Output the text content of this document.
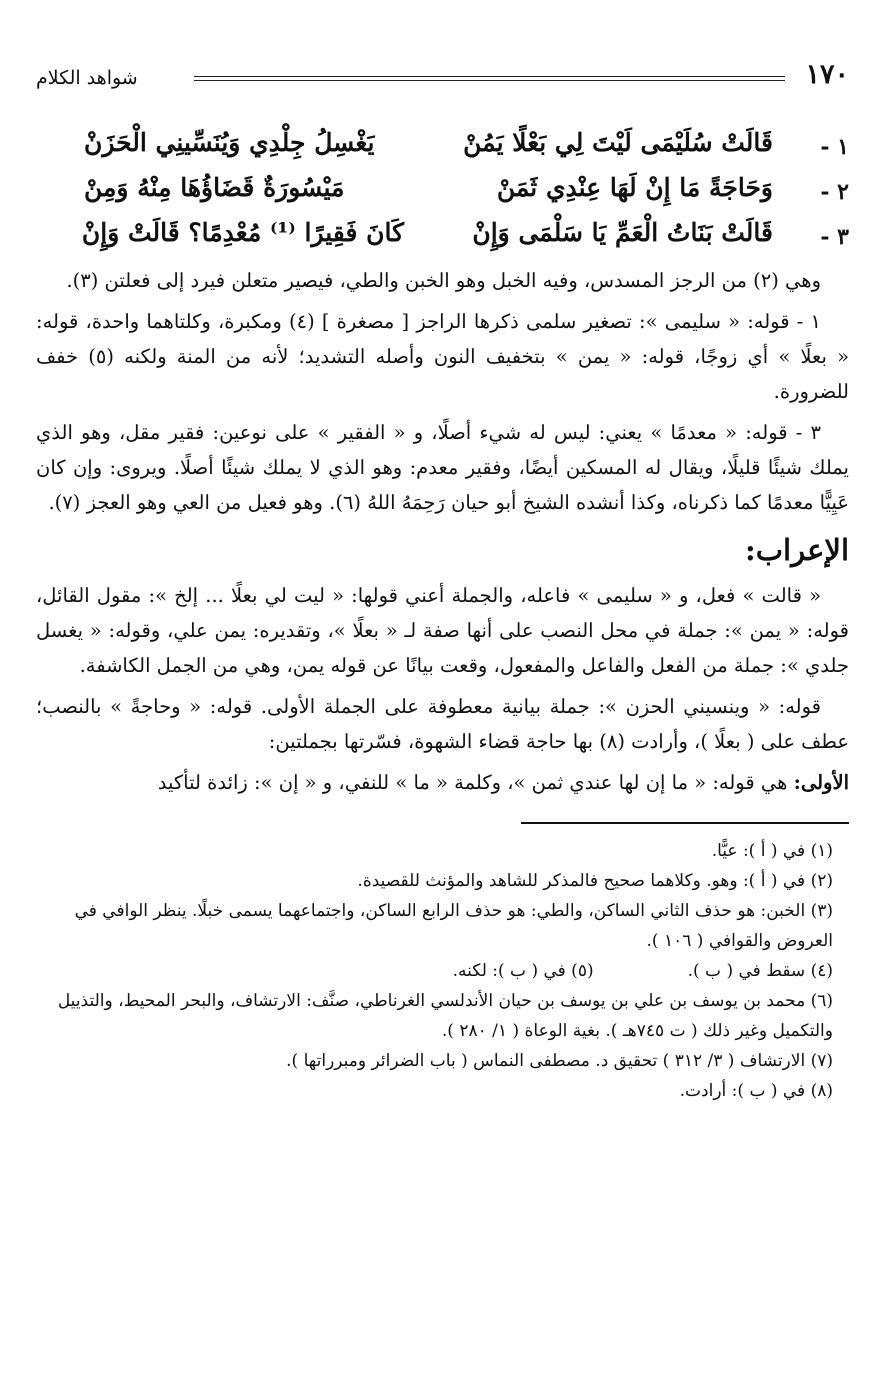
١٧٠
شواهد الكلام
١ -
قَالَتْ سُلَيْمَى لَيْتَ لِي بَعْلًا يَمُنْ
يَغْسِلُ جِلْدِي وَيُنَسِّينِي الْحَزَنْ
٢ -
وَحَاجَةً مَا إِنْ لَهَا عِنْدِي ثَمَنْ
مَيْسُورَةٌ قَضَاؤُهَا مِنْهُ وَمِنْ
٣ -
قَالَتْ بَنَاتُ الْعَمِّ يَا سَلْمَى وَإِنْ
كَانَ فَقِيرًا ⁽¹⁾ مُعْدِمًا؟ قَالَتْ وَإِنْ

وهي (٢) من الرجز المسدس، وفيه الخبل وهو الخبن والطي، فيصير متعلن فيرد إلى فعلتن (٣).

١ - قوله: « سليمى »: تصغير سلمى ذكرها الراجز [ مصغرة ] (٤) ومكبرة، وكلتاهما واحدة، قوله: « بعلًا » أي زوجًا، قوله: « يمن » بتخفيف النون وأصله التشديد؛ لأنه من المنة ولكنه (٥) خفف للضرورة.

٣ - قوله: « معدمًا » يعني: ليس له شيء أصلًا، و « الفقير » على نوعين: فقير مقل، وهو الذي يملك شيئًا قليلًا، ويقال له المسكين أيضًا، وفقير معدم: وهو الذي لا يملك شيئًا أصلًا. ويروى: وإن كان عَيِيًّا معدمًا كما ذكرناه، وكذا أنشده الشيخ أبو حيان رَحِمَهُ اللهُ (٦). وهو فعيل من العي وهو العجز (٧).

الإعراب:

« قالت » فعل، و « سليمى » فاعله، والجملة أعني قولها: « ليت لي بعلًا ... إلخ »: مقول القائل، قوله: « يمن »: جملة في محل النصب على أنها صفة لـ « بعلًا »، وتقديره: يمن علي، وقوله: « يغسل جلدي »: جملة من الفعل والفاعل والمفعول، وقعت بيانًا عن قوله يمن، وهي من الجمل الكاشفة.

قوله: « وينسيني الحزن »: جملة بيانية معطوفة على الجملة الأولى. قوله: « وحاجةً » بالنصب؛ عطف على ( بعلًا )، وأرادت (٨) بها حاجة قضاء الشهوة، فسّرتها بجملتين:

الأولى: هي قوله: « ما إن لها عندي ثمن »، وكلمة « ما » للنفي، و « إن »: زائدة لتأكيد

(١) في ( أ ): عيًّا.
(٢) في ( أ ): وهو. وكلاهما صحيح فالمذكر للشاهد والمؤنث للقصيدة.
(٣) الخبن: هو حذف الثاني الساكن، والطي: هو حذف الرابع الساكن، واجتماعهما يسمى خبلًا. ينظر الوافي في العروض والقوافي ( ١٠٦ ).
(٤) سقط في ( ب ).
(٥) في ( ب ): لكنه.
(٦) محمد بن يوسف بن علي بن يوسف بن حيان الأندلسي الغرناطي، صنَّف: الارتشاف، والبحر المحيط، والتذييل والتكميل وغير ذلك ( ت ٧٤٥هـ ). بغية الوعاة ( ١/ ٢٨٠ ).
(٧) الارتشاف ( ٣/ ٣١٢ ) تحقيق د. مصطفى النماس ( باب الضرائر ومبرراتها ).
(٨) في ( ب ): أرادت.
